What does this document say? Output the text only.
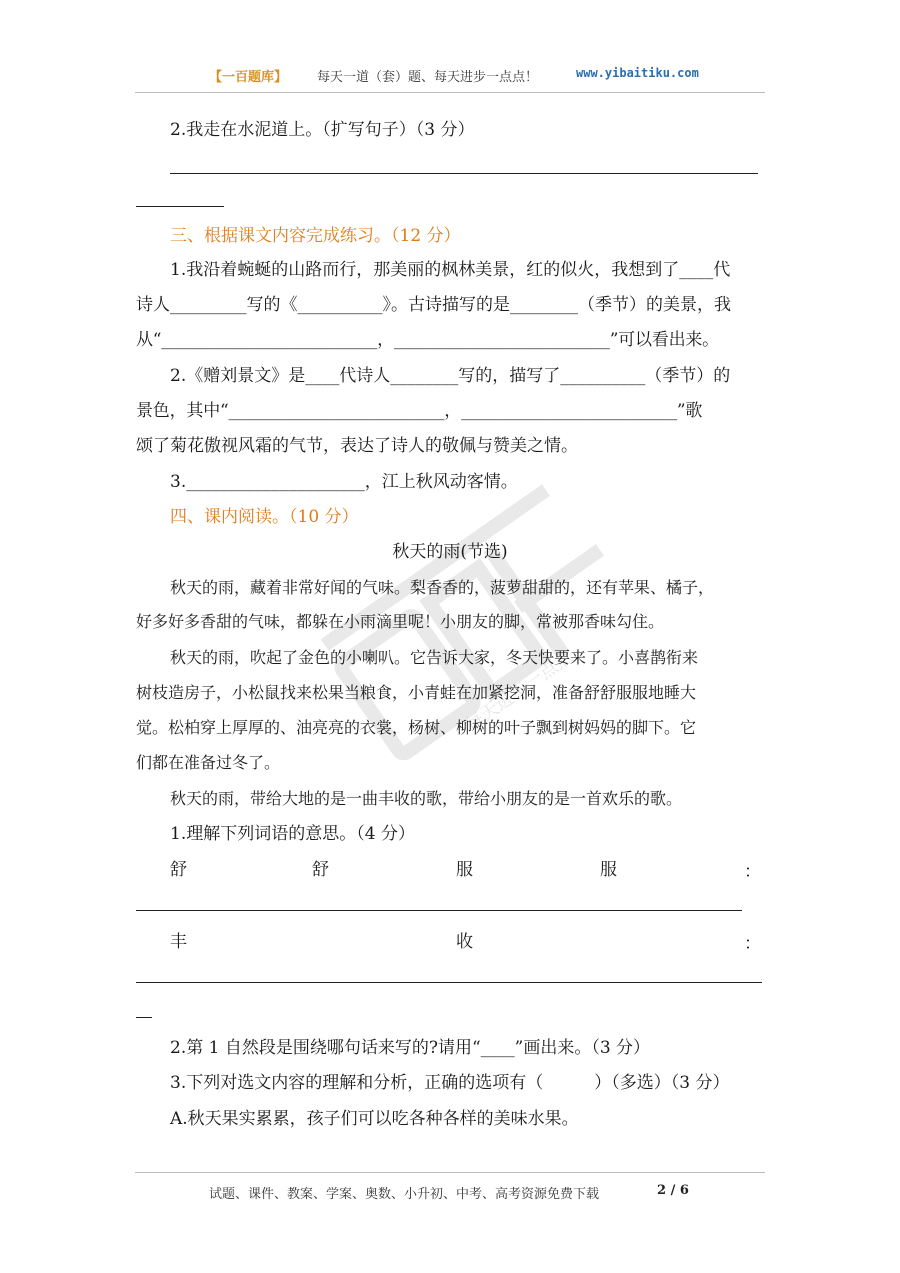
【一百题库】 每天一道（套）题、每天进步一点点！	www.yibaitiku.com
每天进步一点点
2.我走在水泥道上。（扩写句子）（3 分）
三、根据课文内容完成练习。（12 分）
1.我沿着蜿蜒的山路而行，那美丽的枫林美景，红的似火，我想到了____代
诗人_________写的《__________》。古诗描写的是________（季节）的美景，我
从“__________________________，__________________________”可以看出来。
2.《赠刘景文》是____代诗人________写的，描写了__________（季节）的
景色，其中“__________________________，__________________________”歌
颂了菊花傲视风霜的气节，表达了诗人的敬佩与赞美之情。
3._____________________，江上秋风动客情。
四、课内阅读。（10 分）
秋天的雨(节选)
秋天的雨，藏着非常好闻的气味。梨香香的，菠萝甜甜的，还有苹果、橘子，
好多好多香甜的气味，都躲在小雨滴里呢！小朋友的脚，常被那香味勾住。
秋天的雨，吹起了金色的小喇叭。它告诉大家，冬天快要来了。小喜鹊衔来
树枝造房子，小松鼠找来松果当粮食，小青蛙在加紧挖洞，准备舒舒服服地睡大
觉。松柏穿上厚厚的、油亮亮的衣裳，杨树、柳树的叶子飘到树妈妈的脚下。它
们都在准备过冬了。
秋天的雨，带给大地的是一曲丰收的歌，带给小朋友的是一首欢乐的歌。
1.理解下列词语的意思。（4 分）
舒	舒	服	服	：
丰	收	：
2.第 1 自然段是围绕哪句话来写的?请用“____”画出来。（3 分）
3.下列对选文内容的理解和分析，正确的选项有（　　　）（多选）（3 分）
A.秋天果实累累，孩子们可以吃各种各样的美味水果。
试题、课件、教案、学案、奥数、小升初、中考、高考资源免费下载	2 / 6
